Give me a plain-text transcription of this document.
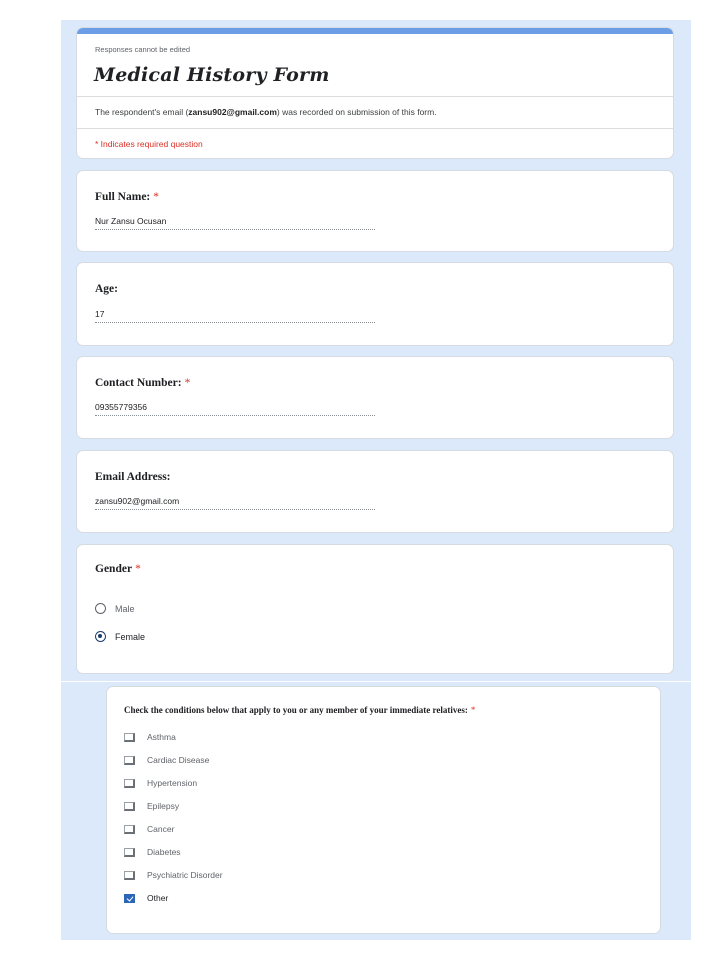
Responses cannot be edited
Medical History Form
The respondent's email (zansu902@gmail.com) was recorded on submission of this form.
* Indicates required question
Full Name: *
Nur Zansu Ocusan
Age:
17
Contact Number: *
09355779356
Email Address:
zansu902@gmail.com
Gender *
Male
Female
Check the conditions below that apply to you or any member of your immediate relatives: *
Asthma
Cardiac Disease
Hypertension
Epilepsy
Cancer
Diabetes
Psychiatric Disorder
Other
